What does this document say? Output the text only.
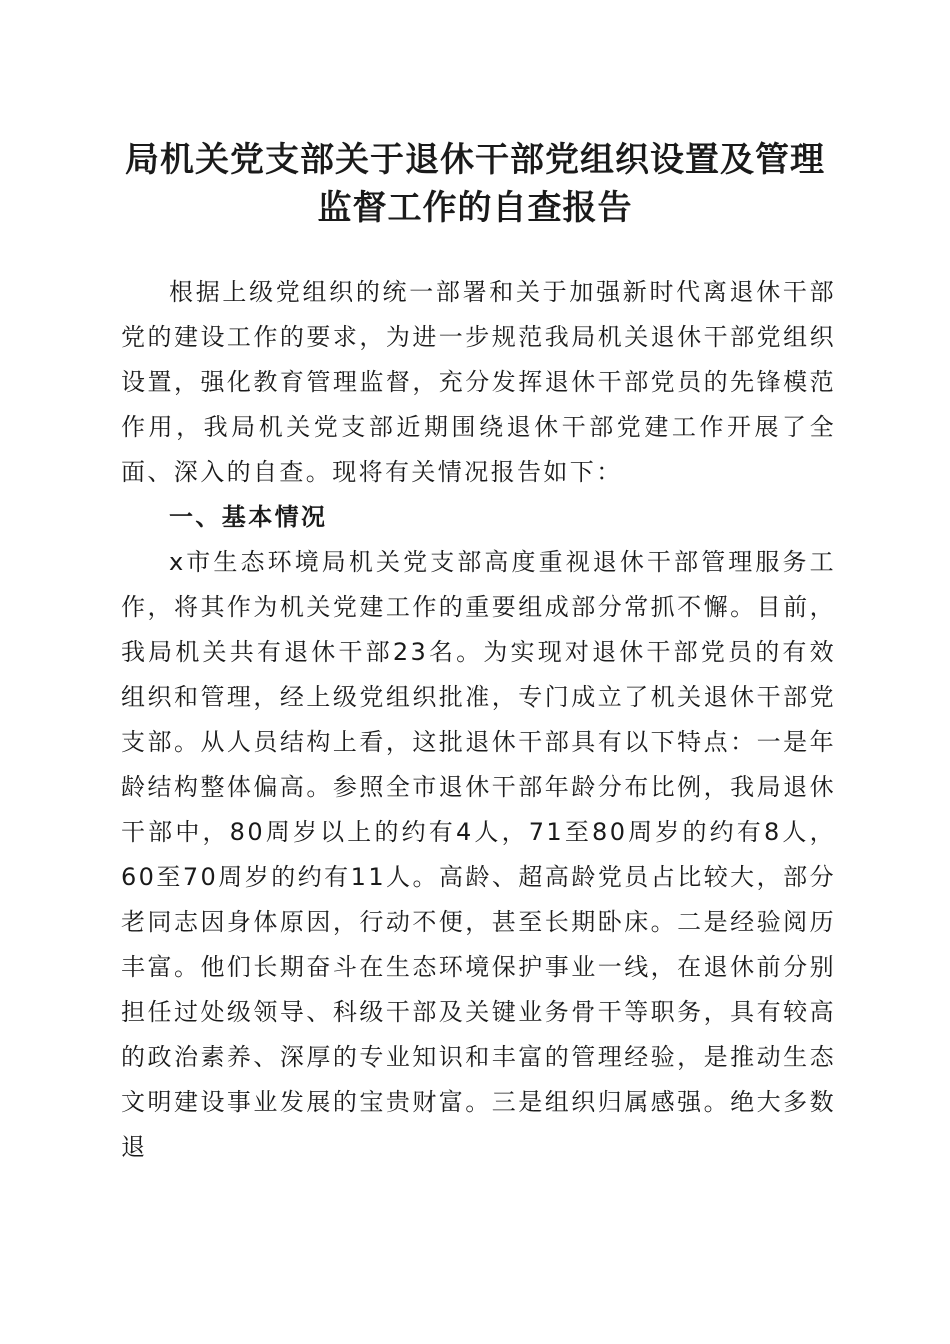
局机关党支部关于退休干部党组织设置及管理
监督工作的自查报告

根据上级党组织的统一部署和关于加强新时代离退休干部党的建设工作的要求，为进一步规范我局机关退休干部党组织设置，强化教育管理监督，充分发挥退休干部党员的先锋模范作用，我局机关党支部近期围绕退休干部党建工作开展了全面、深入的自查。现将有关情况报告如下：

一、基本情况

x市生态环境局机关党支部高度重视退休干部管理服务工作，将其作为机关党建工作的重要组成部分常抓不懈。目前，我局机关共有退休干部23名。为实现对退休干部党员的有效组织和管理，经上级党组织批准，专门成立了机关退休干部党支部。从人员结构上看，这批退休干部具有以下特点：一是年龄结构整体偏高。参照全市退休干部年龄分布比例，我局退休干部中，80周岁以上的约有4人，71至80周岁的约有8人，60至70周岁的约有11人。高龄、超高龄党员占比较大，部分老同志因身体原因，行动不便，甚至长期卧床。二是经验阅历丰富。他们长期奋斗在生态环境保护事业一线，在退休前分别担任过处级领导、科级干部及关键业务骨干等职务，具有较高的政治素养、深厚的专业知识和丰富的管理经验，是推动生态文明建设事业发展的宝贵财富。三是组织归属感强。绝大多数退
